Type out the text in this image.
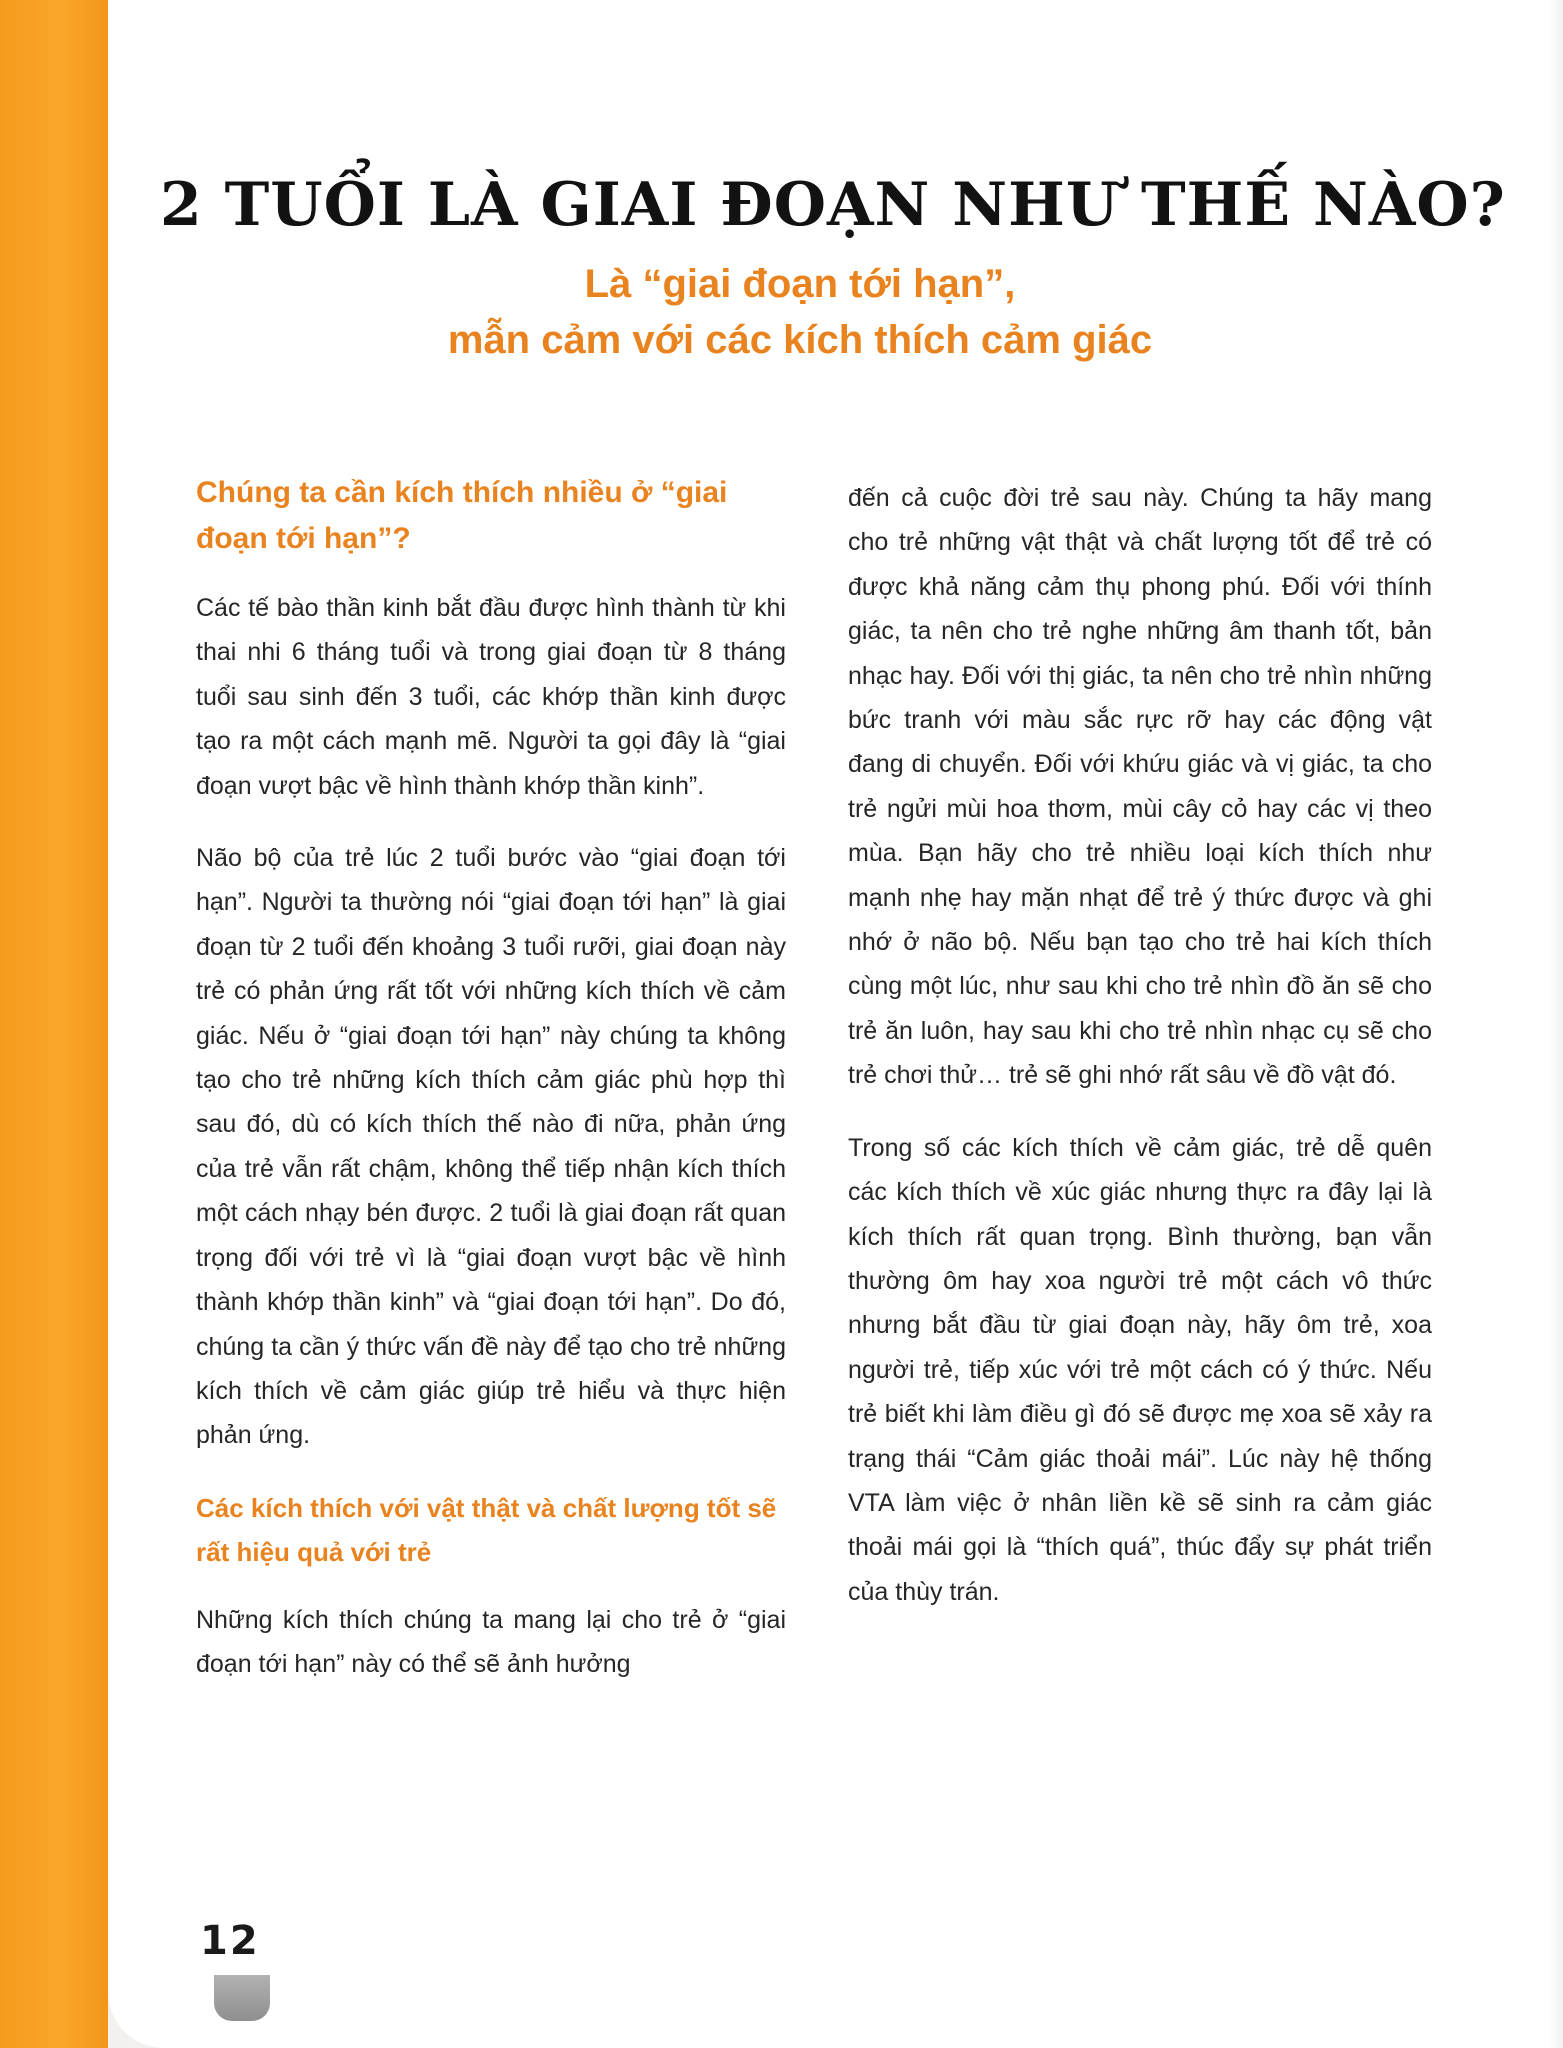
2 TUỔI LÀ GIAI ĐOẠN NHƯ THẾ NÀO?
Là “giai đoạn tới hạn”,
mẫn cảm với các kích thích cảm giác
Chúng ta cần kích thích nhiều ở “giai đoạn tới hạn”?

Các tế bào thần kinh bắt đầu được hình thành từ khi thai nhi 6 tháng tuổi và trong giai đoạn từ 8 tháng tuổi sau sinh đến 3 tuổi, các khớp thần kinh được tạo ra một cách mạnh mẽ. Người ta gọi đây là “giai đoạn vượt bậc về hình thành khớp thần kinh”.

Não bộ của trẻ lúc 2 tuổi bước vào “giai đoạn tới hạn”. Người ta thường nói “giai đoạn tới hạn” là giai đoạn từ 2 tuổi đến khoảng 3 tuổi rưỡi, giai đoạn này trẻ có phản ứng rất tốt với những kích thích về cảm giác. Nếu ở “giai đoạn tới hạn” này chúng ta không tạo cho trẻ những kích thích cảm giác phù hợp thì sau đó, dù có kích thích thế nào đi nữa, phản ứng của trẻ vẫn rất chậm, không thể tiếp nhận kích thích một cách nhạy bén được. 2 tuổi là giai đoạn rất quan trọng đối với trẻ vì là “giai đoạn vượt bậc về hình thành khớp thần kinh” và “giai đoạn tới hạn”. Do đó, chúng ta cần ý thức vấn đề này để tạo cho trẻ những kích thích về cảm giác giúp trẻ hiểu và thực hiện phản ứng.

Các kích thích với vật thật và chất lượng tốt sẽ rất hiệu quả với trẻ

Những kích thích chúng ta mang lại cho trẻ ở “giai đoạn tới hạn” này có thể sẽ ảnh hưởng

đến cả cuộc đời trẻ sau này. Chúng ta hãy mang cho trẻ những vật thật và chất lượng tốt để trẻ có được khả năng cảm thụ phong phú. Đối với thính giác, ta nên cho trẻ nghe những âm thanh tốt, bản nhạc hay. Đối với thị giác, ta nên cho trẻ nhìn những bức tranh với màu sắc rực rỡ hay các động vật đang di chuyển. Đối với khứu giác và vị giác, ta cho trẻ ngửi mùi hoa thơm, mùi cây cỏ hay các vị theo mùa. Bạn hãy cho trẻ nhiều loại kích thích như mạnh nhẹ hay mặn nhạt để trẻ ý thức được và ghi nhớ ở não bộ. Nếu bạn tạo cho trẻ hai kích thích cùng một lúc, như sau khi cho trẻ nhìn đồ ăn sẽ cho trẻ ăn luôn, hay sau khi cho trẻ nhìn nhạc cụ sẽ cho trẻ chơi thử… trẻ sẽ ghi nhớ rất sâu về đồ vật đó.

Trong số các kích thích về cảm giác, trẻ dễ quên các kích thích về xúc giác nhưng thực ra đây lại là kích thích rất quan trọng. Bình thường, bạn vẫn thường ôm hay xoa người trẻ một cách vô thức nhưng bắt đầu từ giai đoạn này, hãy ôm trẻ, xoa người trẻ, tiếp xúc với trẻ một cách có ý thức. Nếu trẻ biết khi làm điều gì đó sẽ được mẹ xoa sẽ xảy ra trạng thái “Cảm giác thoải mái”. Lúc này hệ thống VTA làm việc ở nhân liền kề sẽ sinh ra cảm giác thoải mái gọi là “thích quá”, thúc đẩy sự phát triển của thùy trán.

12
